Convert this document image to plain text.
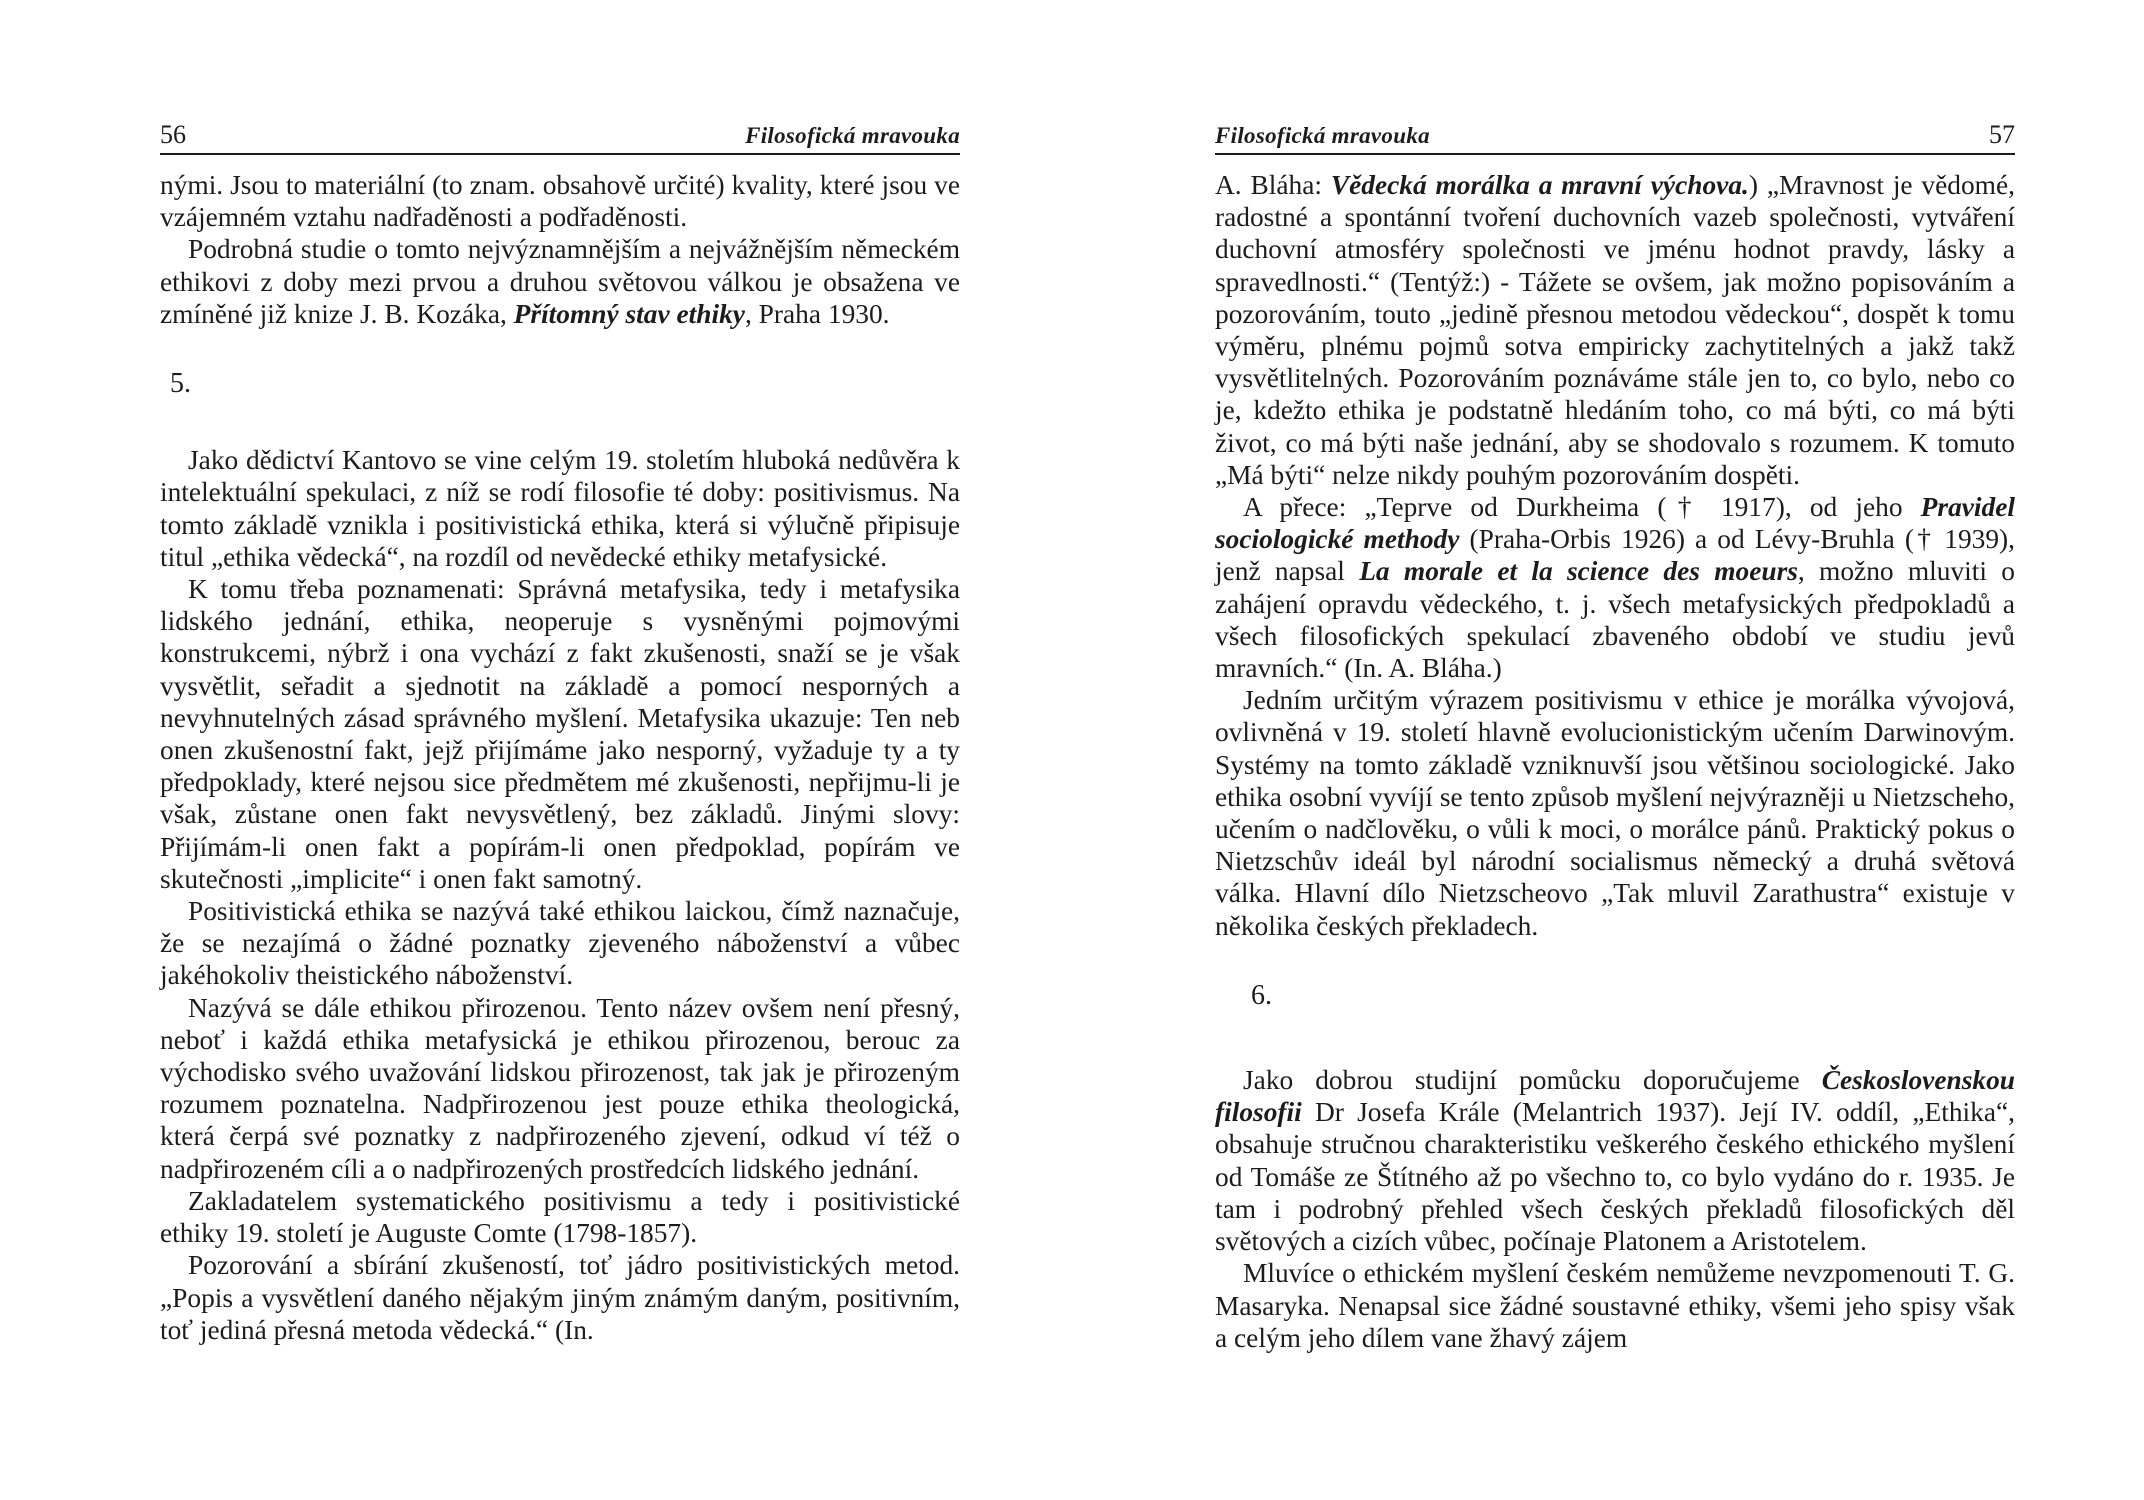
56	Filosofická mravouka

nými. Jsou to materiální (to znam. obsahově určité) kvality, které jsou ve vzájemném vztahu nadřaděnosti a podřaděnosti.

Podrobná studie o tomto nejvýznamnějším a nejvážnějším německém ethikovi z doby mezi prvou a druhou světovou válkou je obsažena ve zmíněné již knize J. B. Kozáka, Přítomný stav ethiky, Praha 1930.

5.

Jako dědictví Kantovo se vine celým 19. stoletím hluboká nedůvěra k intelektuální spekulaci, z níž se rodí filosofie té doby: positivismus. Na tomto základě vznikla i positivistická ethika, která si výlučně připisuje titul „ethika vědecká“, na rozdíl od nevědecké ethiky metafysické.

K tomu třeba poznamenati: Správná metafysika, tedy i metafysika lidského jednání, ethika, neoperuje s vysněnými pojmovými konstrukcemi, nýbrž i ona vychází z fakt zkušenosti, snaží se je však vysvětlit, seřadit a sjednotit na základě a pomocí nesporných a nevyhnutelných zásad správného myšlení. Metafysika ukazuje: Ten neb onen zkušenostní fakt, jejž přijímáme jako nesporný, vyžaduje ty a ty předpoklady, které nejsou sice předmětem mé zkušenosti, nepřijmu-li je však, zůstane onen fakt nevysvětlený, bez základů. Jinými slovy: Přijímám-li onen fakt a popírám-li onen předpoklad, popírám ve skutečnosti „implicite“ i onen fakt samotný.

Positivistická ethika se nazývá také ethikou laickou, čímž naznačuje, že se nezajímá o žádné poznatky zjeveného náboženství a vůbec jakéhokoliv theistického náboženství.

Nazývá se dále ethikou přirozenou. Tento název ovšem není přesný, neboť i každá ethika metafysická je ethikou přirozenou, berouc za východisko svého uvažování lidskou přirozenost, tak jak je přirozeným rozumem poznatelna. Nadpřirozenou jest pouze ethika theologická, která čerpá své poznatky z nadpřirozeného zjevení, odkud ví též o nadpřirozeném cíli a o nadpřirozených prostředcích lidského jednání.

Zakladatelem systematického positivismu a tedy i positivistické ethiky 19. století je Auguste Comte (1798-1857).

Pozorování a sbírání zkušeností, toť jádro positivistických metod. „Popis a vysvětlení daného nějakým jiným známým daným, positivním, toť jediná přesná metoda vědecká.“ (In.

Filosofická mravouka	57

A. Bláha: Vědecká morálka a mravní výchova.) „Mravnost je vědomé, radostné a spontánní tvoření duchovních vazeb společnosti, vytváření duchovní atmosféry společnosti ve jménu hodnot pravdy, lásky a spravedlnosti.“ (Tentýž:) - Tážete se ovšem, jak možno popisováním a pozorováním, touto „jedině přesnou metodou vědeckou“, dospět k tomu výměru, plnému pojmů sotva empiricky zachytitelných a jakž takž vysvětlitelných. Pozorováním poznáváme stále jen to, co bylo, nebo co je, kdežto ethika je podstatně hledáním toho, co má býti, co má býti život, co má býti naše jednání, aby se shodovalo s rozumem. K tomuto „Má býti“ nelze nikdy pouhým pozorováním dospěti.

A přece: „Teprve od Durkheima († 1917), od jeho Pravidel sociologické methody (Praha-Orbis 1926) a od Lévy-Bruhla († 1939), jenž napsal La morale et la science des moeurs, možno mluviti o zahájení opravdu vědeckého, t. j. všech metafysických předpokladů a všech filosofických spekulací zbaveného období ve studiu jevů mravních.“ (In. A. Bláha.)

Jedním určitým výrazem positivismu v ethice je morálka vývojová, ovlivněná v 19. století hlavně evolucionistickým učením Darwinovým. Systémy na tomto základě vzniknuvší jsou většinou sociologické. Jako ethika osobní vyvíjí se tento způsob myšlení nejvýrazněji u Nietzscheho, učením o nadčlověku, o vůli k moci, o morálce pánů. Praktický pokus o Nietzschův ideál byl národní socialismus německý a druhá světová válka. Hlavní dílo Nietzscheovo „Tak mluvil Zarathustra“ existuje v několika českých překladech.

6.

Jako dobrou studijní pomůcku doporučujeme Československou filosofii Dr Josefa Krále (Melantrich 1937). Její IV. oddíl, „Ethika“, obsahuje stručnou charakteristiku veškerého českého ethického myšlení od Tomáše ze Štítného až po všechno to, co bylo vydáno do r. 1935. Je tam i podrobný přehled všech českých překladů filosofických děl světových a cizích vůbec, počínaje Platonem a Aristotelem.

Mluvíce o ethickém myšlení českém nemůžeme nevzpomenouti T. G. Masaryka. Nenapsal sice žádné soustavné ethiky, všemi jeho spisy však a celým jeho dílem vane žhavý zájem
